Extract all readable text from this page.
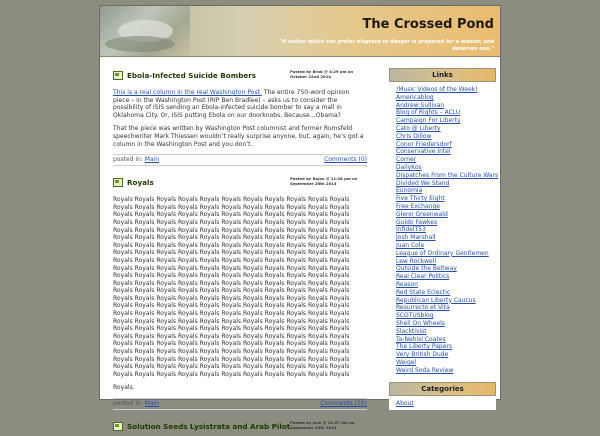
The Crossed Pond
"A nation which can prefer disgrace to danger is prepared for a master, and deserves one."
Ebola-Infected Suicide Bombers	Posted by Brad @ 4:29 pm on
October 22nd 2014

This is a real column in the real Washington Post. The entire 750-word opinion piece – in the Washington Post (RIP Ben Bradlee) – asks us to consider the possibility of ISIS sending an Ebola-infected suicide bomber to say a mall in Oklahoma City. Or, ISIS putting Ebola on our doorknobs. Because…Obama?

That the piece was written by Washington Post columnist and former Rumsfeld speechwriter Mark Thiessen wouldn’t really surprise anyone, but, again, he’s got a column in the Washington Post and you don’t.

posted in: Main	Comments (0)
Royals	Posted by Rojas @ 11:28 pm on
September 26th 2014

Royals Royals Royals Royals Royals Royals Royals Royals Royals Royals Royals Royals Royals Royals Royals Royals Royals Royals Royals Royals Royals Royals Royals Royals Royals Royals Royals Royals Royals Royals Royals Royals Royals Royals Royals Royals Royals Royals Royals Royals Royals Royals Royals Royals Royals Royals Royals Royals Royals Royals Royals Royals Royals Royals Royals Royals Royals Royals Royals Royals Royals Royals Royals Royals Royals Royals Royals Royals Royals Royals Royals Royals Royals Royals Royals Royals Royals Royals Royals Royals Royals Royals Royals Royals Royals Royals Royals Royals Royals Royals Royals Royals Royals Royals Royals Royals Royals Royals Royals Royals Royals Royals Royals Royals Royals Royals Royals Royals Royals Royals Royals Royals Royals Royals Royals Royals Royals Royals Royals Royals Royals Royals Royals Royals Royals Royals Royals Royals Royals Royals Royals Royals Royals Royals Royals Royals Royals Royals Royals Royals Royals Royals Royals Royals Royals Royals Royals Royals Royals Royals Royals Royals Royals Royals Royals Royals Royals Royals Royals Royals Royals Royals Royals Royals Royals Royals Royals Royals Royals Royals Royals Royals Royals Royals Royals Royals Royals Royals Royals Royals Royals Royals Royals Royals Royals Royals Royals Royals Royals Royals Royals Royals Royals Royals Royals Royals Royals Royals Royals Royals Royals Royals Royals Royals Royals Royals Royals Royals Royals Royals Royals Royals Royals Royals Royals Royals Royals Royals Royals Royals Royals Royals Royals Royals Royals Royals Royals Royals Royals Royals Royals Royals Royals Royals Royals Royals Royals Royals Royals Royals Royals Royals Royals Royals Royals Royals Royals Royals Royals Royals Royals Royals Royals Royals Royals Royals Royals Royals Royals Royals Royals Royals Royals Royals

Royals.

posted in: Main	Comments (10)
Solution Seeds Lysistrata and Arab Pilot Posted by Jack @ 11:57 pm on
September 26th 2014
Links
!Music Videos of the Week!
Americablog
Andrew Sullivan
Blog of Rights – ACLU
Campaign For Liberty
Cato @ Liberty
Chris Dillow
Conor Friedersdorf
Conservative Intel
Corner
DailyKos
Dispatches From the Culture Wars
Divided We Stand
Eunomia
Five Thirty Eight
Free Exchange
Glenn Greenwald
Guido Fawkes
InfidelT53
Josh Marshall
Juan Cole
League of Ordinary Gentlemen
Lew Rockwell
Outside the Beltway
Real Clear Politics
Reason
Red State Eclectic
Republican Liberty Caucus
Resurrecto et Vita
SCOTUSblog
Shell On Wheels
Slacktivist
Ta-Nehisi Coates
The Liberty Papers
Very British Dude
Weigel
Weird Soda Review
Categories
About
